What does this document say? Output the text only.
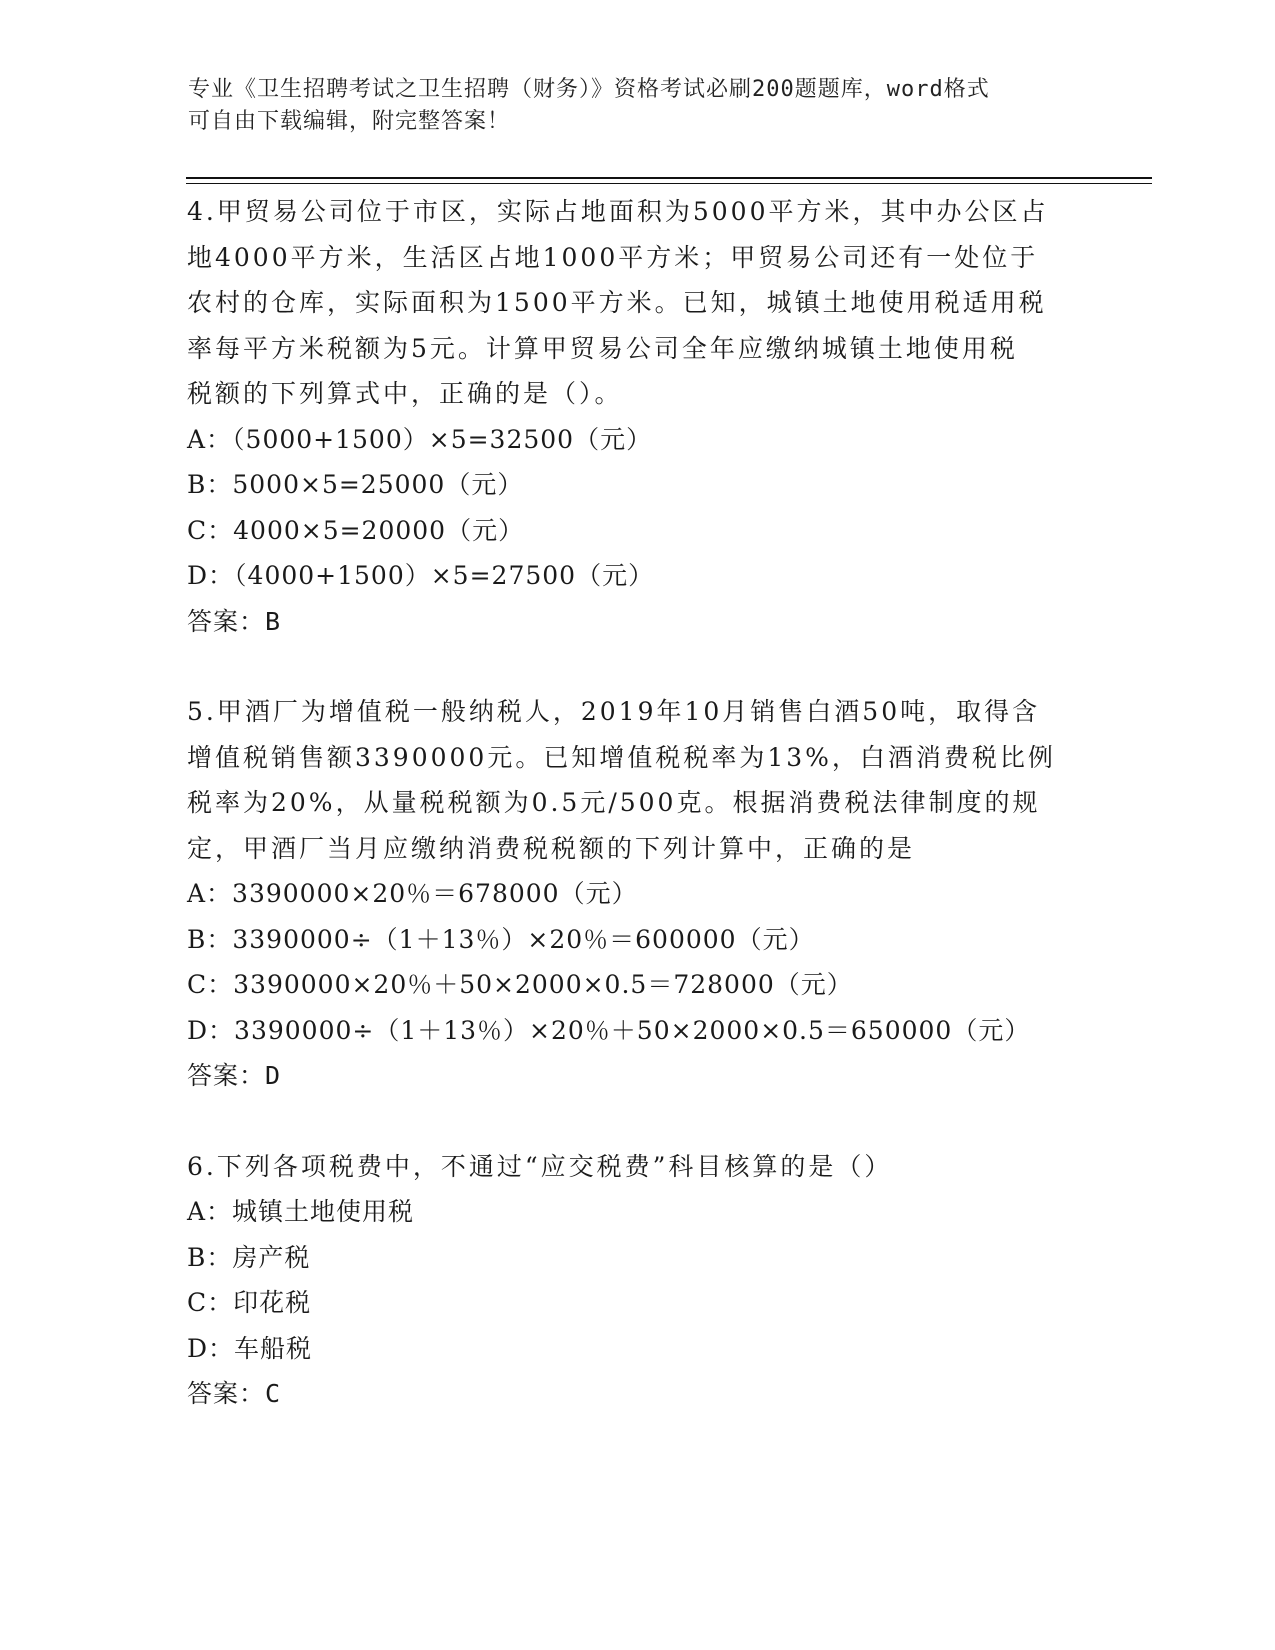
专业《卫生招聘考试之卫生招聘（财务）》资格考试必刷200题题库，word格式
可自由下载编辑，附完整答案！
4.甲贸易公司位于市区，实际占地面积为5000平方米，其中办公区占
地4000平方米，生活区占地1000平方米；甲贸易公司还有一处位于
农村的仓库，实际面积为1500平方米。已知，城镇土地使用税适用税
率每平方米税额为5元。计算甲贸易公司全年应缴纳城镇土地使用税
税额的下列算式中，正确的是（）。
A：（5000+1500）×5=32500（元）
B：5000×5=25000（元）
C：4000×5=20000（元）
D：（4000+1500）×5=27500（元）
答案：B
5.甲酒厂为增值税一般纳税人，2019年10月销售白酒50吨，取得含
增值税销售额3390000元。已知增值税税率为13%，白酒消费税比例
税率为20%，从量税税额为0.5元/500克。根据消费税法律制度的规
定，甲酒厂当月应缴纳消费税税额的下列计算中，正确的是
A：3390000×20％＝678000（元）
B：3390000÷（1＋13％）×20％＝600000（元）
C：3390000×20％＋50×2000×0.5＝728000（元）
D：3390000÷（1＋13％）×20％＋50×2000×0.5＝650000（元）
答案：D
6.下列各项税费中，不通过“应交税费”科目核算的是（）
A：城镇土地使用税
B：房产税
C：印花税
D：车船税
答案：C
